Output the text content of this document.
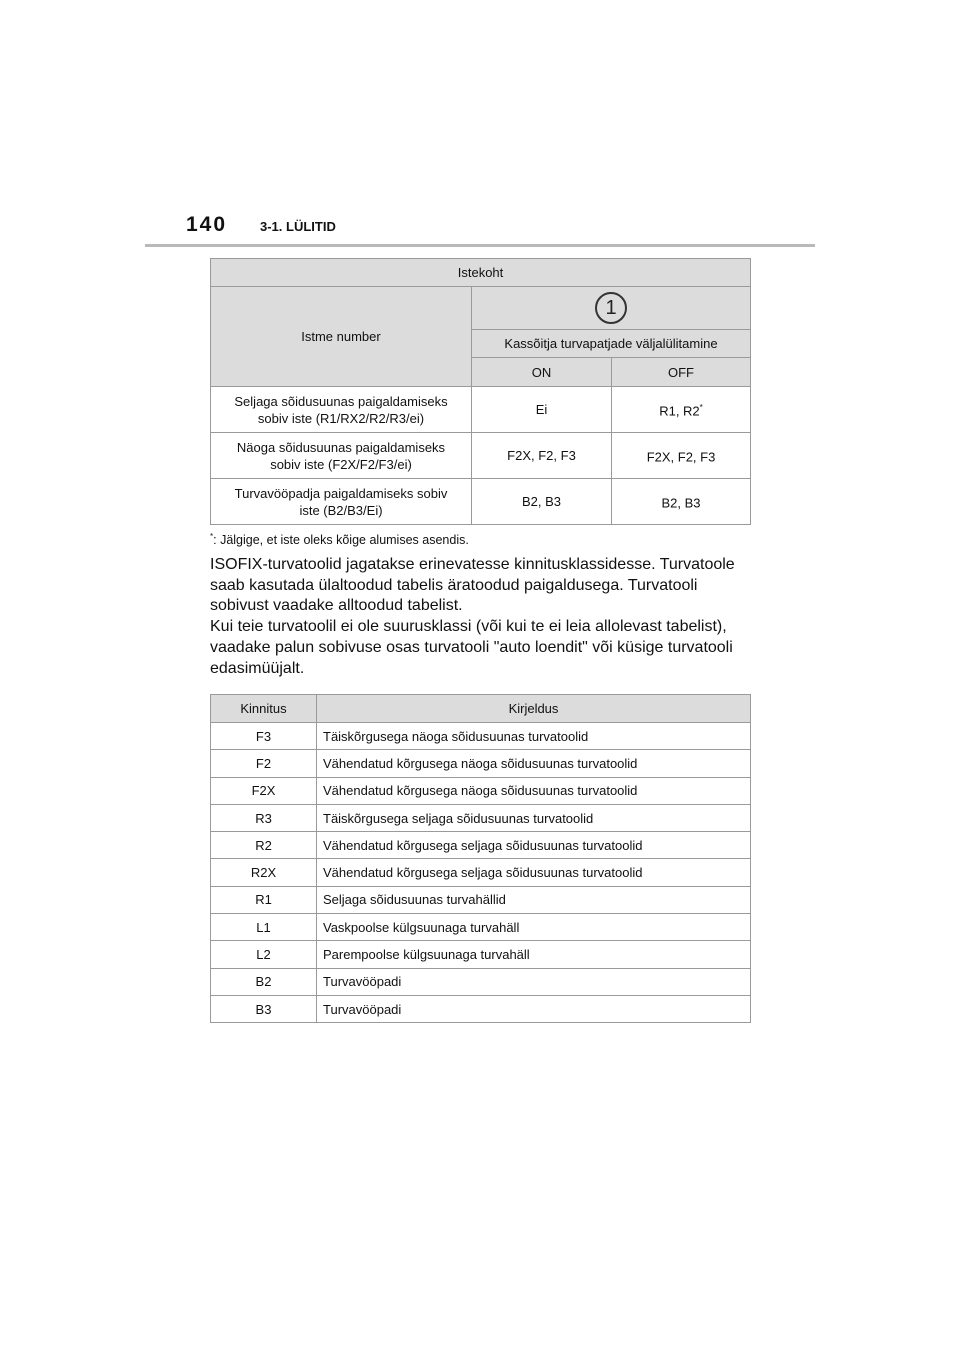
140	3-1. LÜLITID
Istekoht		
Istme number	1	
	Kassõitja turvapatjade väljalülitamine	
	ON	OFF
Seljaga sõidusuunas paigaldamiseks
sobiv iste (R1/RX2/R2/R3/ei)	Ei	R1, R2*
Näoga sõidusuunas paigaldamiseks
sobiv iste (F2X/F2/F3/ei)	F2X, F2, F3	F2X, F2, F3
Turvavööpadja paigaldamiseks sobiv
iste (B2/B3/Ei)	B2, B3	B2, B3
*: Jälgige, et iste oleks kõige alumises asendis.

ISOFIX-turvatoolid jagatakse erinevatesse kinnitusklassidesse. Turvatoole

saab kasutada ülaltoodud tabelis äratoodud paigaldusega. Turvatooli

sobivust vaadake alltoodud tabelist.

Kui teie turvatoolil ei ole suurusklassi (või kui te ei leia allolevast tabelist),

vaadake palun sobivuse osas turvatooli "auto loendit" või küsige turvatooli

edasimüüjalt.

Kinnitus	Kirjeldus
F3	Täiskõrgusega näoga sõidusuunas turvatoolid
F2	Vähendatud kõrgusega näoga sõidusuunas turvatoolid
F2X	Vähendatud kõrgusega näoga sõidusuunas turvatoolid
R3	Täiskõrgusega seljaga sõidusuunas turvatoolid
R2	Vähendatud kõrgusega seljaga sõidusuunas turvatoolid
R2X	Vähendatud kõrgusega seljaga sõidusuunas turvatoolid
R1	Seljaga sõidusuunas turvahällid
L1	Vaskpoolse külgsuunaga turvahäll
L2	Parempoolse külgsuunaga turvahäll
B2	Turvavööpadi
B3	Turvavööpadi
